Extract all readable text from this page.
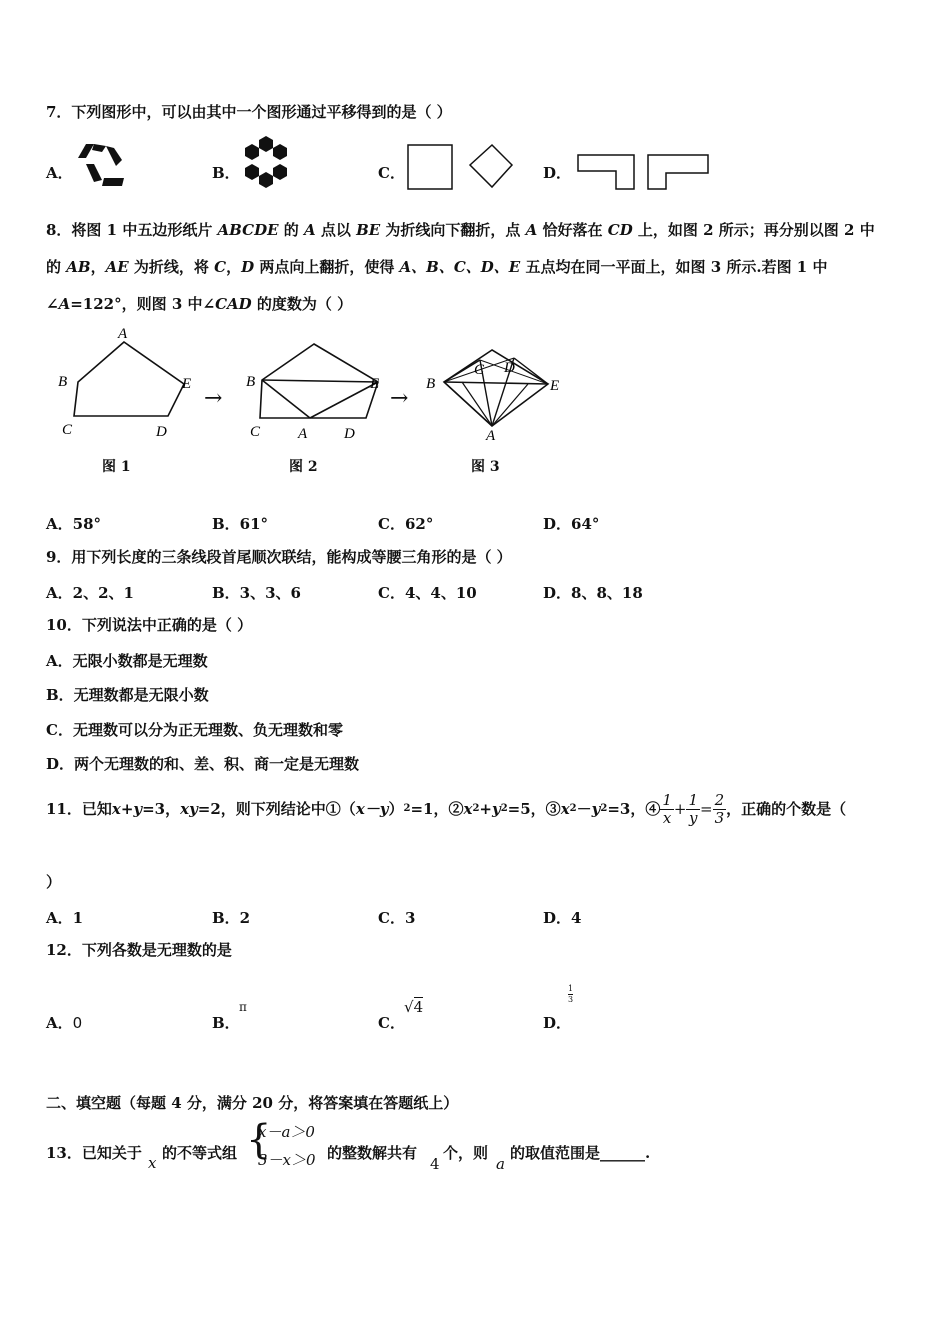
7．下列图形中，可以由其中一个图形通过平移得到的是（ ）
A．	B．	C．	D．
8．将图 1 中五边形纸片 ABCDE 的 A 点以 BE 为折线向下翻折，点 A 恰好落在 CD 上，如图 2 所示；再分别以图 2 中
的 AB，AE 为折线，将 C，D 两点向上翻折，使得 A、B、C、D、E 五点均在同一平面上，如图 3 所示.若图 1 中
∠A=122°，则图 3 中∠CAD 的度数为（ ）
A
B
C	D
E
→
B
C	A D
E
→
B
C D
E
A
图 1	图 2	图 3
A．58°	B．61°	C．62°	D．64°
9．用下列长度的三条线段首尾顺次联结，能构成等腰三角形的是（ ）
A．2、2、1	B．3、3、6	C．4、4、10	D．8、8、18
10．下列说法中正确的是（ ）
A．无限小数都是无理数
B．无理数都是无限小数
C．无理数可以分为正无理数、负无理数和零
D．两个无理数的和、差、积、商一定是无理数
11．已知 x+y =3， xy =2，则下列结论中①（ x－y ） 2 =1，② x 2 + y 2 =5，③ x 2 － y 2 =3，④ $\frac{1}{x} + \frac{1}{y} = \frac{2}{3}$ ，正确的个数是（
）
A．1	B．2	C．3	D．4
12．下列各数是无理数的是
A．0	B．
π
C．
√4
D．
1
3
二、填空题（每题 4 分，满分 20 分，将答案填在答题纸上）
13．已知关于
x
的不等式组 {
x－a＞0
3－x＞0 的整数解共有
4
个，则
a
的取值范围是______.
